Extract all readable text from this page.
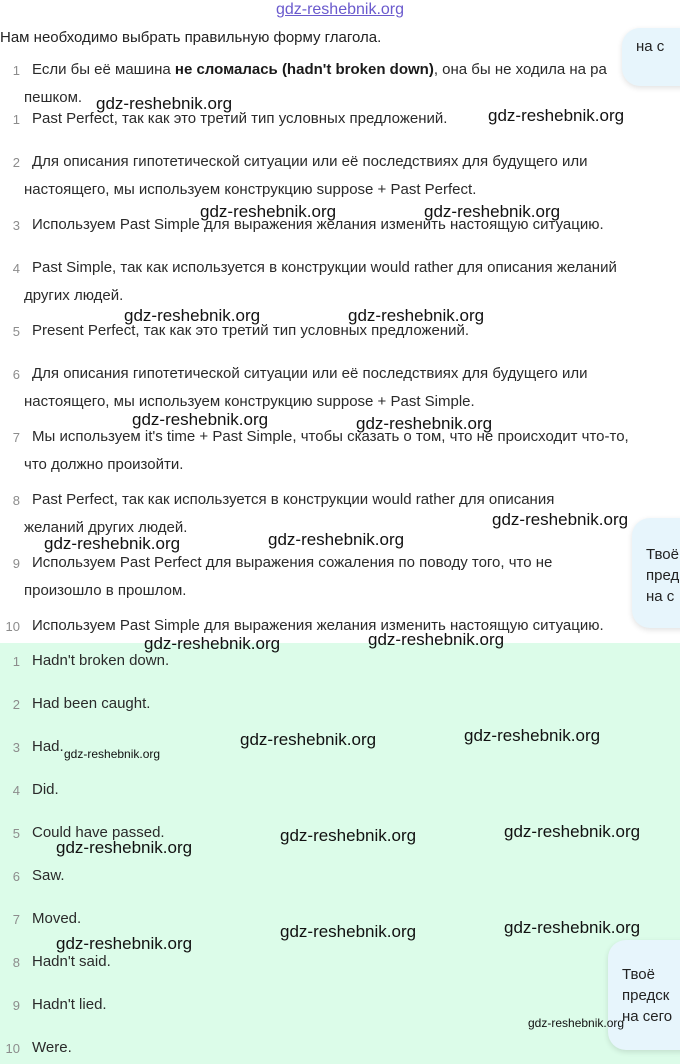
gdz-reshebnik.org
Нам необходимо выбрать правильную форму глагола.
1 Если бы её машина не сломалась (hadn't broken down), она бы не ходила на ра
пешком.
1 Past Perfect, так как это третий тип условных предложений.
2 Для описания гипотетической ситуации или её последствиях для будущего или
настоящего, мы используем конструкцию suppose + Past Perfect.
3 Используем Past Simple для выражения желания изменить настоящую ситуацию.
4 Past Simple, так как используется в конструкции would rather для описания желаний
других людей.
5 Present Perfect, так как это третий тип условных предложений.
6 Для описания гипотетической ситуации или её последствиях для будущего или
настоящего, мы используем конструкцию suppose + Past Simple.
7 Мы используем it's time + Past Simple, чтобы сказать о том, что не происходит что-то,
что должно произойти.
8 Past Perfect, так как используется в конструкции would rather для описания
желаний других людей.
9 Используем Past Perfect для выражения сожаления по поводу того, что не
произошло в прошлом.
10 Используем Past Simple для выражения желания изменить настоящую ситуацию.
1 Hadn't broken down.
2 Had been caught.
3 Had.
4 Did.
5 Could have passed.
6 Saw.
7 Moved.
8 Hadn't said.
9 Hadn't lied.
10 Were.
на с
Твоё
пред
на с
Твоё
предск
на сего
gdz-reshebnik.org
gdz-reshebnik.org
gdz-reshebnik.org	gdz-reshebnik.org
gdz-reshebnik.org	gdz-reshebnik.org
gdz-reshebnik.org	gdz-reshebnik.org
gdz-reshebnik.org
gdz-reshebnik.org	gdz-reshebnik.org
gdz-reshebnik.org	gdz-reshebnik.org
gdz-reshebnik.org
gdz-reshebnik.org	gdz-reshebnik.org
gdz-reshebnik.org
gdz-reshebnik.org	gdz-reshebnik.org
gdz-reshebnik.org
gdz-reshebnik.org	gdz-reshebnik.org
gdz-reshebnik.org
